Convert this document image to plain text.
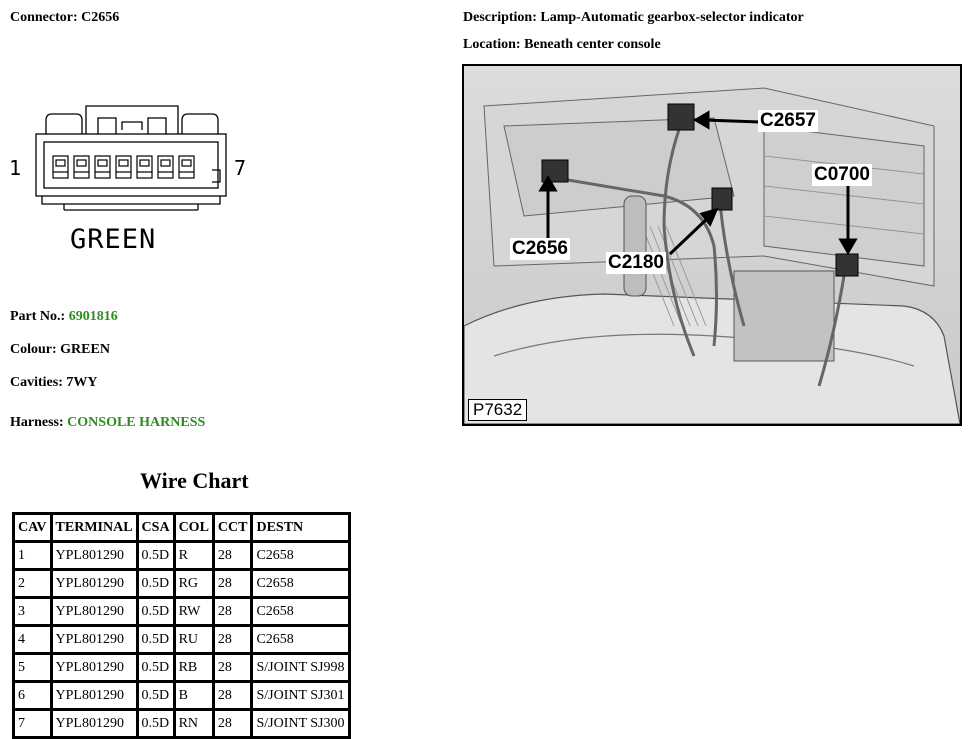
Connector: C2656	Description: Lamp-Automatic gearbox-selector indicator
Location: Beneath center console
1	7
GREEN
Part No.: 6901816
Colour: GREEN
Cavities: 7WY
Harness: CONSOLE HARNESS
Wire Chart
CAV	TERMINAL	CSA	COL	CCT	DESTN
1	YPL801290	0.5D	R	28	C2658
2	YPL801290	0.5D	RG	28	C2658
3	YPL801290	0.5D	RW	28	C2658
4	YPL801290	0.5D	RU	28	C2658
5	YPL801290	0.5D	RB	28	S/JOINT SJ998
6	YPL801290	0.5D	B	28	S/JOINT SJ301
7	YPL801290	0.5D	RN	28	S/JOINT SJ300
C2657
C0700
C2656
C2180
P7632
